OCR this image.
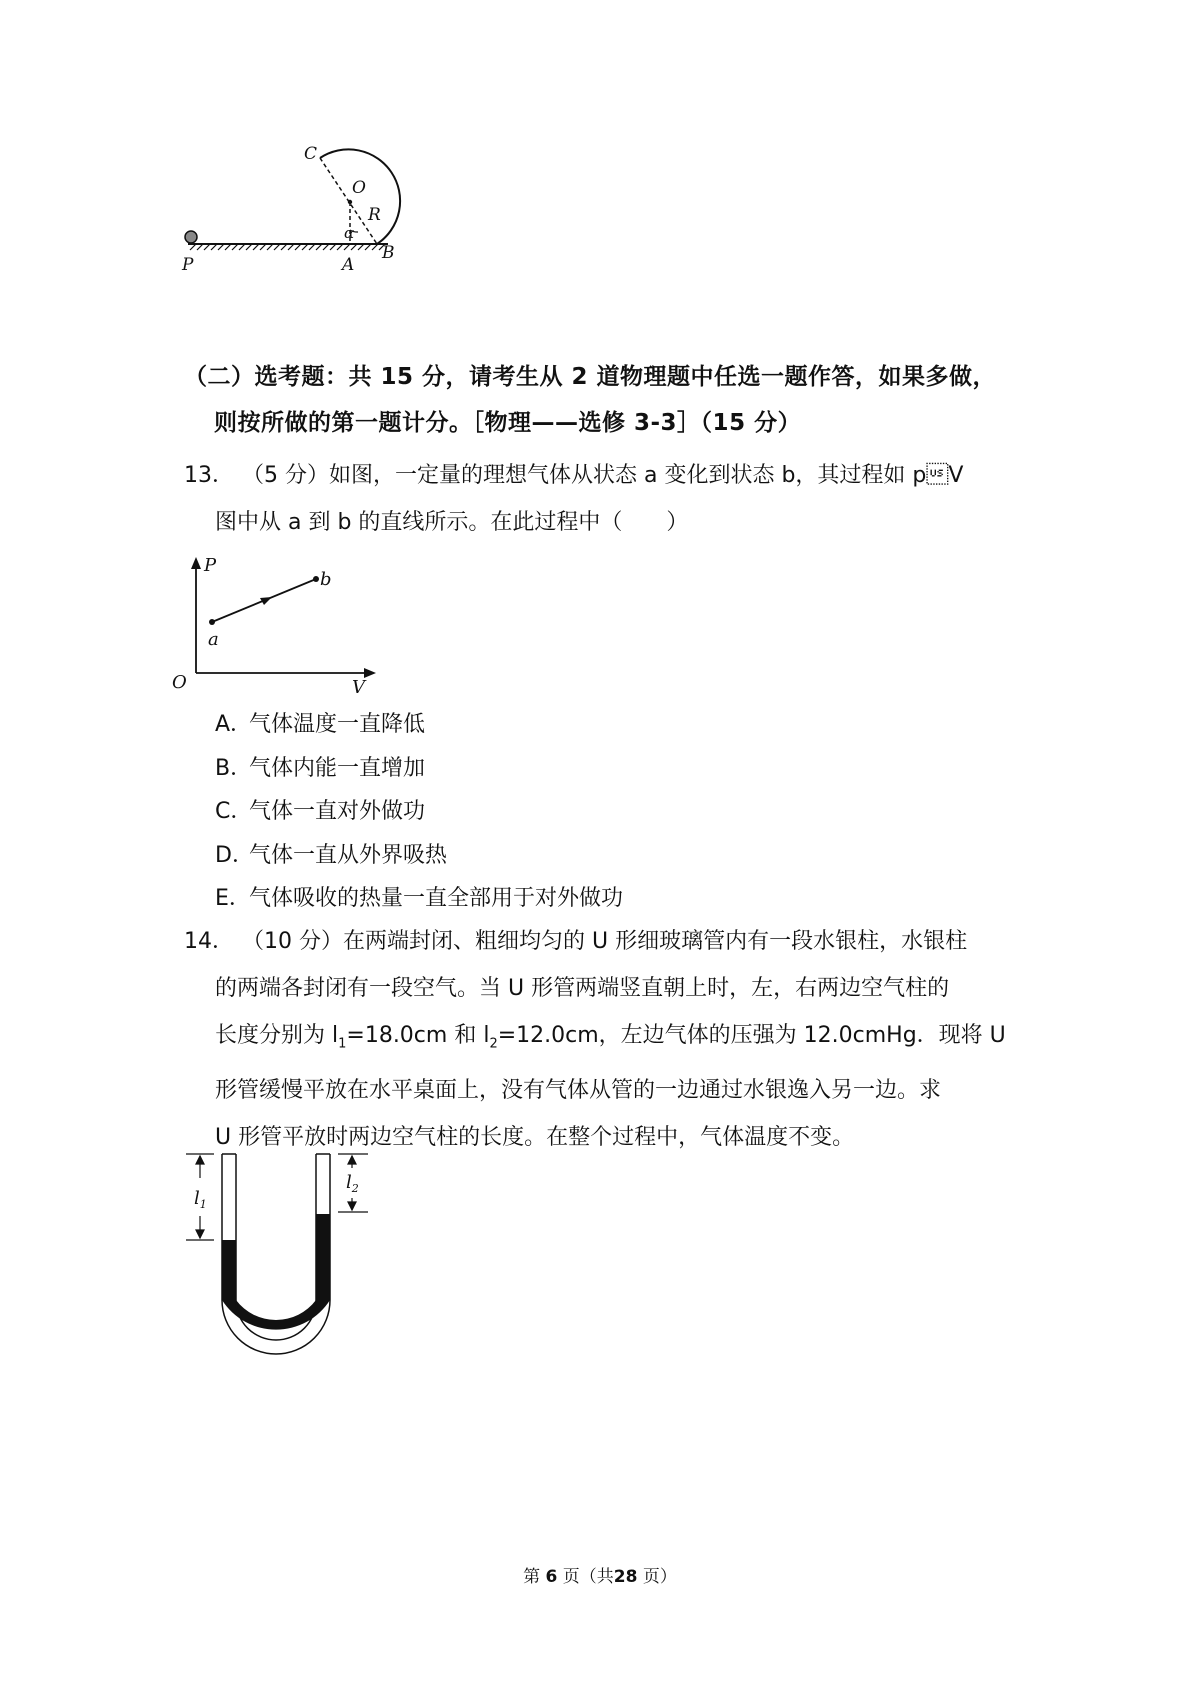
C
O
R
α
P	A
B
（二）选考题：共 15 分，请考生从 2 道物理题中任选一题作答，如果多做，
则按所做的第一题计分。［物理——选修 3-3］（15 分）
13． （5 分）如图，一定量的理想气体从状态 a 变化到状态 b，其过程如 pV
图中从 a 到 b 的直线所示。在此过程中（　　）
P
V
O
a
b
A．气体温度一直降低
B．气体内能一直增加
C．气体一直对外做功
D．气体一直从外界吸热
E．气体吸收的热量一直全部用于对外做功
14． （10 分）在两端封闭、粗细均匀的 U 形细玻璃管内有一段水银柱，水银柱
的两端各封闭有一段空气。当 U 形管两端竖直朝上时，左，右两边空气柱的
长度分别为 $l_1=18.0cm$ 和 $l_2=12.0cm$，左边气体的压强为 12.0cmHg．现将 U
形管缓慢平放在水平桌面上，没有气体从管的一边通过水银逸入另一边。求
U 形管平放时两边空气柱的长度。在整个过程中，气体温度不变。
$l_1$
$l_2$
第 6 页（共28 页）
